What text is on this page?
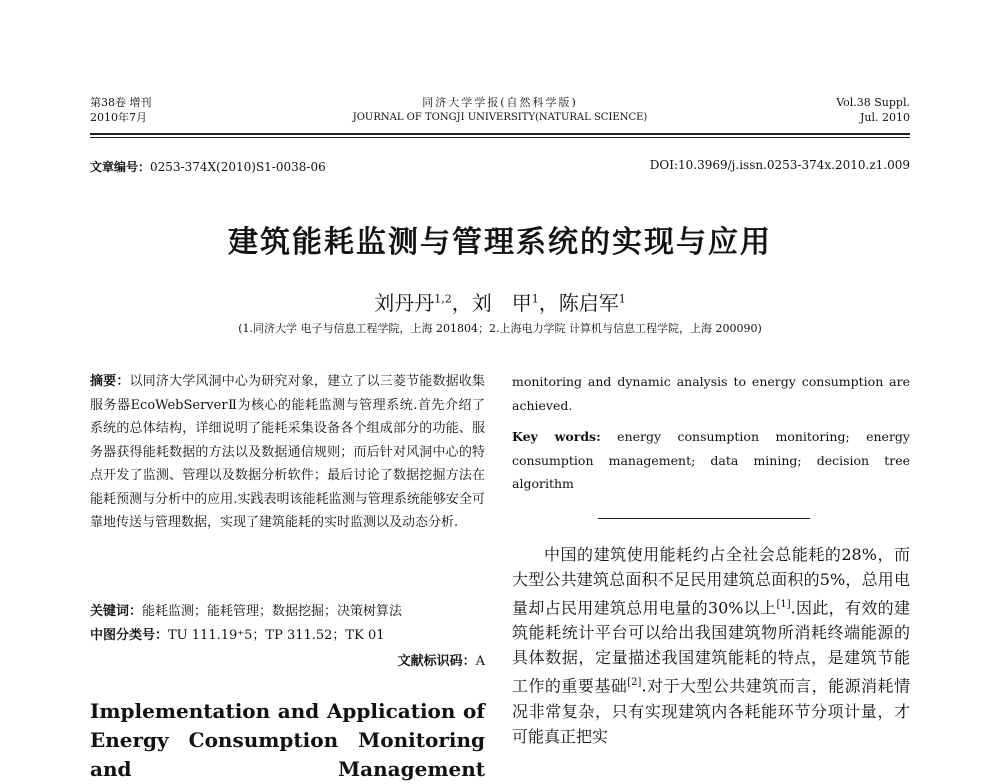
第38卷 增刊
2010年7月
同济大学学报(自然科学版)
JOURNAL OF TONGJI UNIVERSITY(NATURAL SCIENCE)
Vol.38 Suppl.
Jul. 2010
文章编号：0253-374X(2010)S1-0038-06	DOI:10.3969/j.issn.0253-374x.2010.z1.009
建筑能耗监测与管理系统的实现与应用
刘丹丹$^{1,2}$，刘　甲$^1$，陈启军$^1$
(1.同济大学 电子与信息工程学院，上海 201804；2.上海电力学院 计算机与信息工程学院，上海 200090)
摘要：以同济大学风洞中心为研究对象，建立了以三菱节能数据收集服务器EcoWebServerⅡ为核心的能耗监测与管理系统.首先介绍了系统的总体结构，详细说明了能耗采集设备各个组成部分的功能、服务器获得能耗数据的方法以及数据通信规则；而后针对风洞中心的特点开发了监测、管理以及数据分析软件；最后讨论了数据挖掘方法在能耗预测与分析中的应用.实践表明该能耗监测与管理系统能够安全可靠地传送与管理数据，实现了建筑能耗的实时监测以及动态分析.
关键词：能耗监测；能耗管理；数据挖掘；决策树算法
中图分类号：TU 111.19⁺5；TP 311.52；TK 01
文献标识码：A
Implementation and Application of Energy Consumption Monitoring and Management
monitoring and dynamic analysis to energy consumption are achieved.
Key words: energy consumption monitoring; energy consumption management; data mining; decision tree algorithm

中国的建筑使用能耗约占全社会总能耗的28%，而大型公共建筑总面积不足民用建筑总面积的5%，总用电量却占民用建筑总用电量的30%以上[1].因此，有效的建筑能耗统计平台可以给出我国建筑物所消耗终端能源的具体数据，定量描述我国建筑能耗的特点，是建筑节能工作的重要基础[2].对于大型公共建筑而言，能源消耗情况非常复杂，只有实现建筑内各耗能环节分项计量，才可能真正把实
